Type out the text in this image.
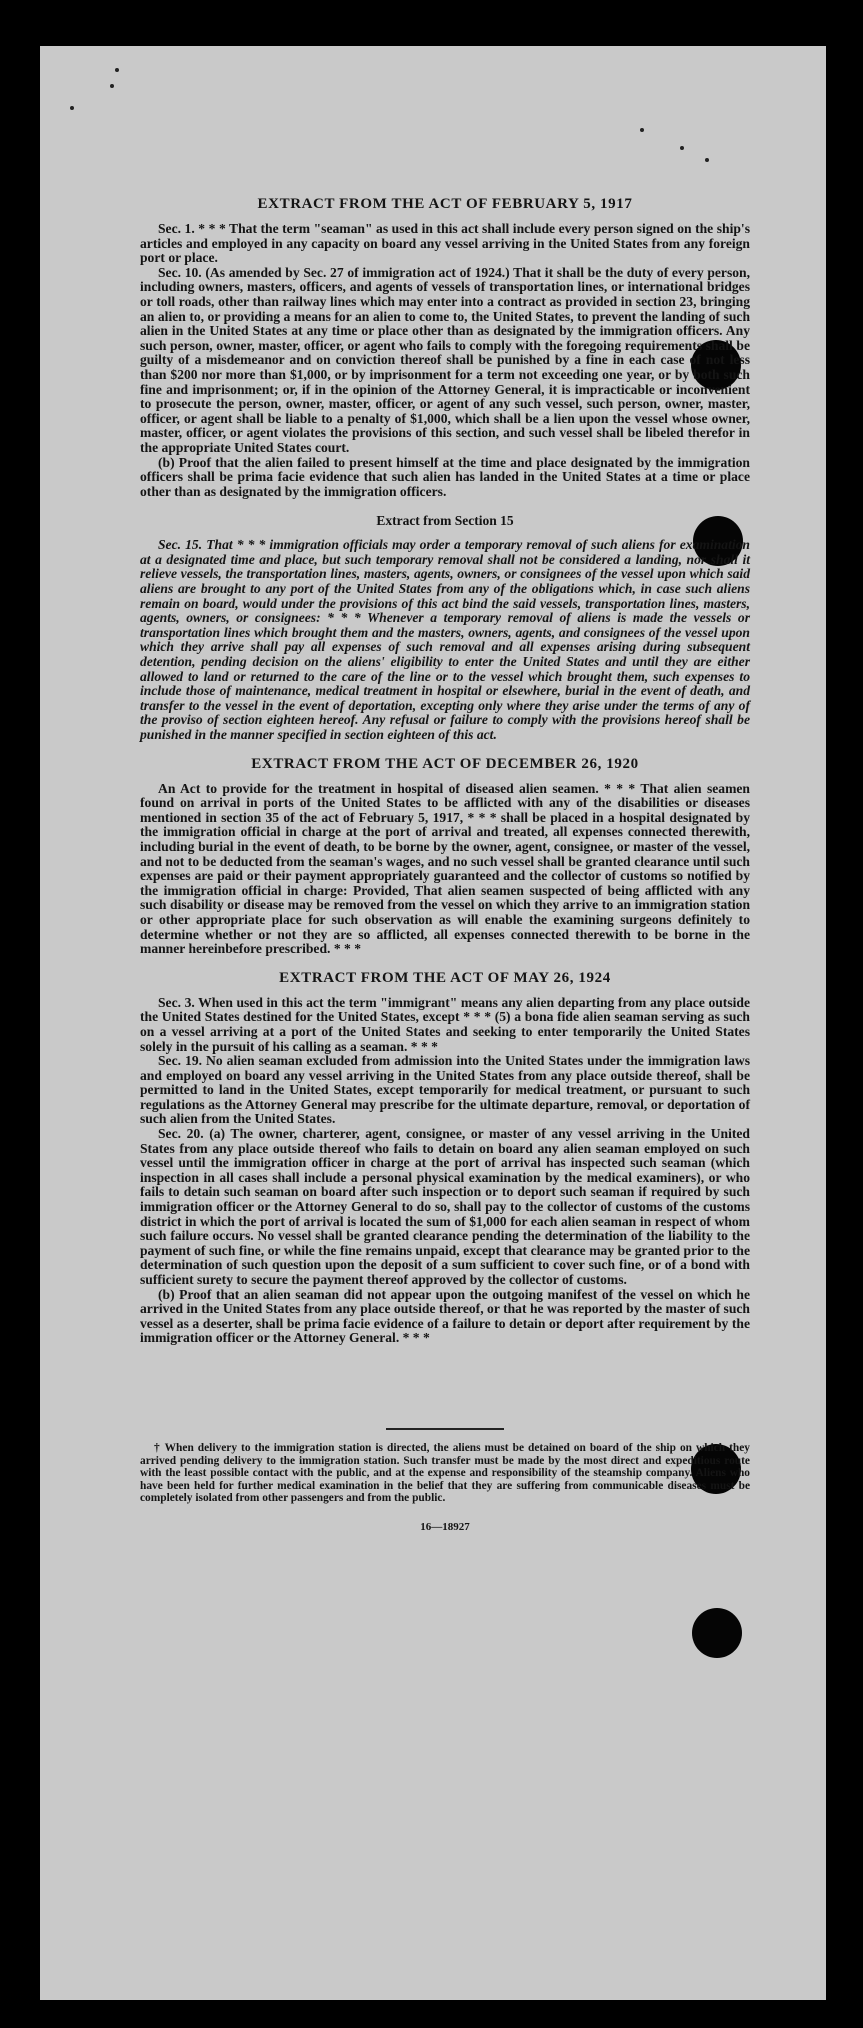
EXTRACT FROM THE ACT OF FEBRUARY 5, 1917

Sec. 1. * * * That the term "seaman" as used in this act shall include every person signed on the ship's articles and employed in any capacity on board any vessel arriving in the United States from any foreign port or place.

Sec. 10. (As amended by Sec. 27 of immigration act of 1924.) That it shall be the duty of every person, including owners, masters, officers, and agents of vessels of transportation lines, or international bridges or toll roads, other than railway lines which may enter into a contract as provided in section 23, bringing an alien to, or providing a means for an alien to come to, the United States, to prevent the landing of such alien in the United States at any time or place other than as designated by the immigration officers. Any such person, owner, master, officer, or agent who fails to comply with the foregoing requirements shall be guilty of a misdemeanor and on conviction thereof shall be punished by a fine in each case of not less than $200 nor more than $1,000, or by imprisonment for a term not exceeding one year, or by both such fine and imprisonment; or, if in the opinion of the Attorney General, it is impracticable or inconvenient to prosecute the person, owner, master, officer, or agent of any such vessel, such person, owner, master, officer, or agent shall be liable to a penalty of $1,000, which shall be a lien upon the vessel whose owner, master, officer, or agent violates the provisions of this section, and such vessel shall be libeled therefor in the appropriate United States court.

(b) Proof that the alien failed to present himself at the time and place designated by the immigration officers shall be prima facie evidence that such alien has landed in the United States at a time or place other than as designated by the immigration officers.

Extract from Section 15

Sec. 15. That * * * immigration officials may order a temporary removal of such aliens for examination at a designated time and place, but such temporary removal shall not be considered a landing, nor shall it relieve vessels, the transportation lines, masters, agents, owners, or consignees of the vessel upon which said aliens are brought to any port of the United States from any of the obligations which, in case such aliens remain on board, would under the provisions of this act bind the said vessels, transportation lines, masters, agents, owners, or consignees: * * * Whenever a temporary removal of aliens is made the vessels or transportation lines which brought them and the masters, owners, agents, and consignees of the vessel upon which they arrive shall pay all expenses of such removal and all expenses arising during subsequent detention, pending decision on the aliens' eligibility to enter the United States and until they are either allowed to land or returned to the care of the line or to the vessel which brought them, such expenses to include those of maintenance, medical treatment in hospital or elsewhere, burial in the event of death, and transfer to the vessel in the event of deportation, excepting only where they arise under the terms of any of the proviso of section eighteen hereof. Any refusal or failure to comply with the provisions hereof shall be punished in the manner specified in section eighteen of this act.

EXTRACT FROM THE ACT OF DECEMBER 26, 1920

An Act to provide for the treatment in hospital of diseased alien seamen. * * * That alien seamen found on arrival in ports of the United States to be afflicted with any of the disabilities or diseases mentioned in section 35 of the act of February 5, 1917, * * * shall be placed in a hospital designated by the immigration official in charge at the port of arrival and treated, all expenses connected therewith, including burial in the event of death, to be borne by the owner, agent, consignee, or master of the vessel, and not to be deducted from the seaman's wages, and no such vessel shall be granted clearance until such expenses are paid or their payment appropriately guaranteed and the collector of customs so notified by the immigration official in charge: Provided, That alien seamen suspected of being afflicted with any such disability or disease may be removed from the vessel on which they arrive to an immigration station or other appropriate place for such observation as will enable the examining surgeons definitely to determine whether or not they are so afflicted, all expenses connected therewith to be borne in the manner hereinbefore prescribed. * * *

EXTRACT FROM THE ACT OF MAY 26, 1924

Sec. 3. When used in this act the term "immigrant" means any alien departing from any place outside the United States destined for the United States, except * * * (5) a bona fide alien seaman serving as such on a vessel arriving at a port of the United States and seeking to enter temporarily the United States solely in the pursuit of his calling as a seaman. * * *

Sec. 19. No alien seaman excluded from admission into the United States under the immigration laws and employed on board any vessel arriving in the United States from any place outside thereof, shall be permitted to land in the United States, except temporarily for medical treatment, or pursuant to such regulations as the Attorney General may prescribe for the ultimate departure, removal, or deportation of such alien from the United States.

Sec. 20. (a) The owner, charterer, agent, consignee, or master of any vessel arriving in the United States from any place outside thereof who fails to detain on board any alien seaman employed on such vessel until the immigration officer in charge at the port of arrival has inspected such seaman (which inspection in all cases shall include a personal physical examination by the medical examiners), or who fails to detain such seaman on board after such inspection or to deport such seaman if required by such immigration officer or the Attorney General to do so, shall pay to the collector of customs of the customs district in which the port of arrival is located the sum of $1,000 for each alien seaman in respect of whom such failure occurs. No vessel shall be granted clearance pending the determination of the liability to the payment of such fine, or while the fine remains unpaid, except that clearance may be granted prior to the determination of such question upon the deposit of a sum sufficient to cover such fine, or of a bond with sufficient surety to secure the payment thereof approved by the collector of customs.

(b) Proof that an alien seaman did not appear upon the outgoing manifest of the vessel on which he arrived in the United States from any place outside thereof, or that he was reported by the master of such vessel as a deserter, shall be prima facie evidence of a failure to detain or deport after requirement by the immigration officer or the Attorney General. * * *

† When delivery to the immigration station is directed, the aliens must be detained on board of the ship on which they arrived pending delivery to the immigration station. Such transfer must be made by the most direct and expeditious route with the least possible contact with the public, and at the expense and responsibility of the steamship company. Aliens who have been held for further medical examination in the belief that they are suffering from communicable diseases must be completely isolated from other passengers and from the public.

16—18927
